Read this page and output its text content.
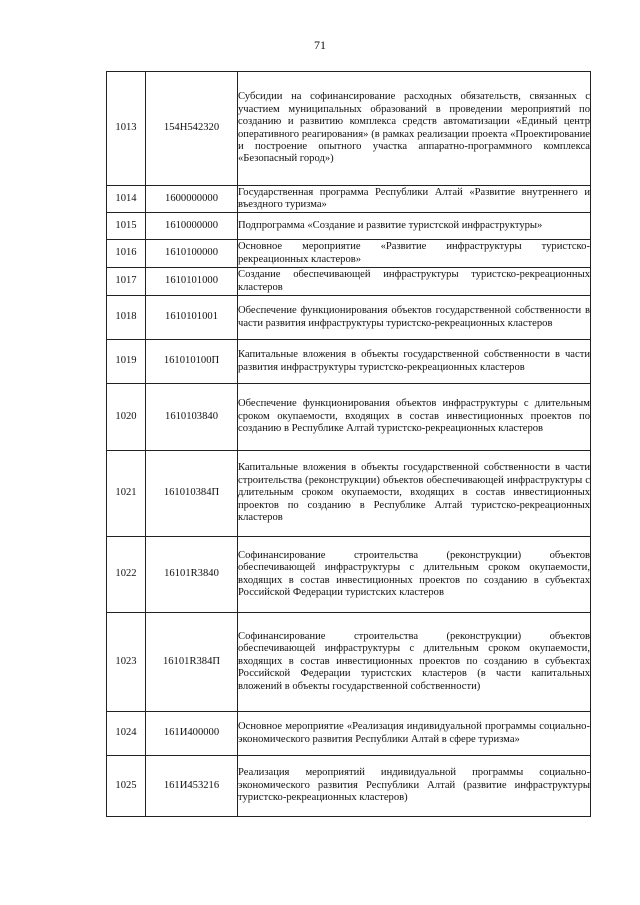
71
1013	154Н542320	Субсидии на софинансирование расходных обязательств, связанных с участием муниципальных образований в проведении мероприятий по созданию и развитию комплекса средств автоматизации «Единый центр оперативного реагирования» (в рамках реализации проекта «Проектирование и построение опытного участка аппаратно-программного комплекса «Безопасный город»)
1014	1600000000	Государственная программа Республики Алтай «Развитие внутреннего и въездного туризма»
1015	1610000000	Подпрограмма «Создание и развитие туристской инфраструктуры»
1016	1610100000	Основное мероприятие «Развитие инфраструктуры туристско-рекреационных кластеров»
1017	1610101000	Создание обеспечивающей инфраструктуры туристско-рекреационных кластеров
1018	1610101001	Обеспечение функционирования объектов государственной собственности в части развития инфраструктуры туристско-рекреационных кластеров
1019	161010100П	Капитальные вложения в объекты государственной собственности в части развития инфраструктуры туристско-рекреационных кластеров
1020	1610103840	Обеспечение функционирования объектов инфраструктуры с длительным сроком окупаемости, входящих в состав инвестиционных проектов по созданию в Республике Алтай туристско-рекреационных кластеров
1021	161010384П	Капитальные вложения в объекты государственной собственности в части строительства (реконструкции) объектов обеспечивающей инфраструктуры с длительным сроком окупаемости, входящих в состав инвестиционных проектов по созданию в Республике Алтай туристско-рекреационных кластеров
1022	16101R3840	Софинансирование строительства (реконструкции) объектов обеспечивающей инфраструктуры с длительным сроком окупаемости, входящих в состав инвестиционных проектов по созданию в субъектах Российской Федерации туристских кластеров
1023	16101R384П	Софинансирование строительства (реконструкции) объектов обеспечивающей инфраструктуры с длительным сроком окупаемости, входящих в состав инвестиционных проектов по созданию в субъектах Российской Федерации туристских кластеров (в части капитальных вложений в объекты государственной собственности)
1024	161И400000	Основное мероприятие «Реализация индивидуальной программы социально-экономического развития Республики Алтай в сфере туризма»
1025	161И453216	Реализация мероприятий индивидуальной программы социально-экономического развития Республики Алтай (развитие инфраструктуры туристско-рекреационных кластеров)
